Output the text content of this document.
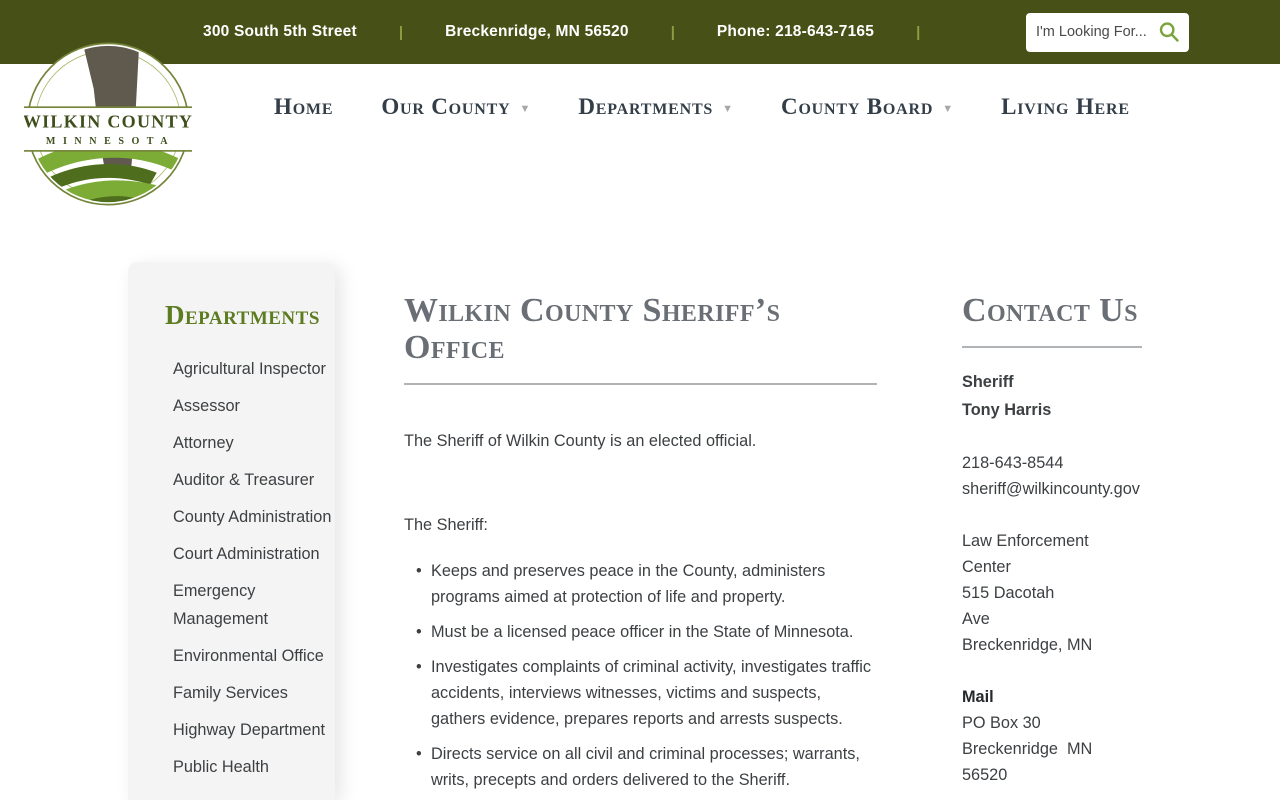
300 South 5th Street	|	Breckenridge, MN 56520	|	Phone: 218-643-7165	|
I'm Looking For...
WILKIN COUNTY
M I N N E S O T A
Home Our County ▼ Departments ▼ County Board ▼ Living Here
Departments
Agricultural Inspector
Assessor
Attorney
Auditor & Treasurer
County Administration
Court Administration
Emergency Management
Environmental Office
Family Services
Highway Department
Public Health
Wilkin County Sheriff’s Office

The Sheriff of Wilkin County is an elected official.

The Sheriff:

• Keeps and preserves peace in the County, administers programs aimed at protection of life and property.
• Must be a licensed peace officer in the State of Minnesota.
• Investigates complaints of criminal activity, investigates traffic accidents, interviews witnesses, victims and suspects, gathers evidence, prepares reports and arrests suspects.
• Directs service on all civil and criminal processes; warrants, writs, precepts and orders delivered to the Sheriff.
Contact Us
Sheriff
Tony Harris
218-643-8544
sheriff@wilkincounty.gov
Law Enforcement Center
515 Dacotah
Ave
Breckenridge, MN
Mail
PO Box 30
Breckenridge  MN 56520
